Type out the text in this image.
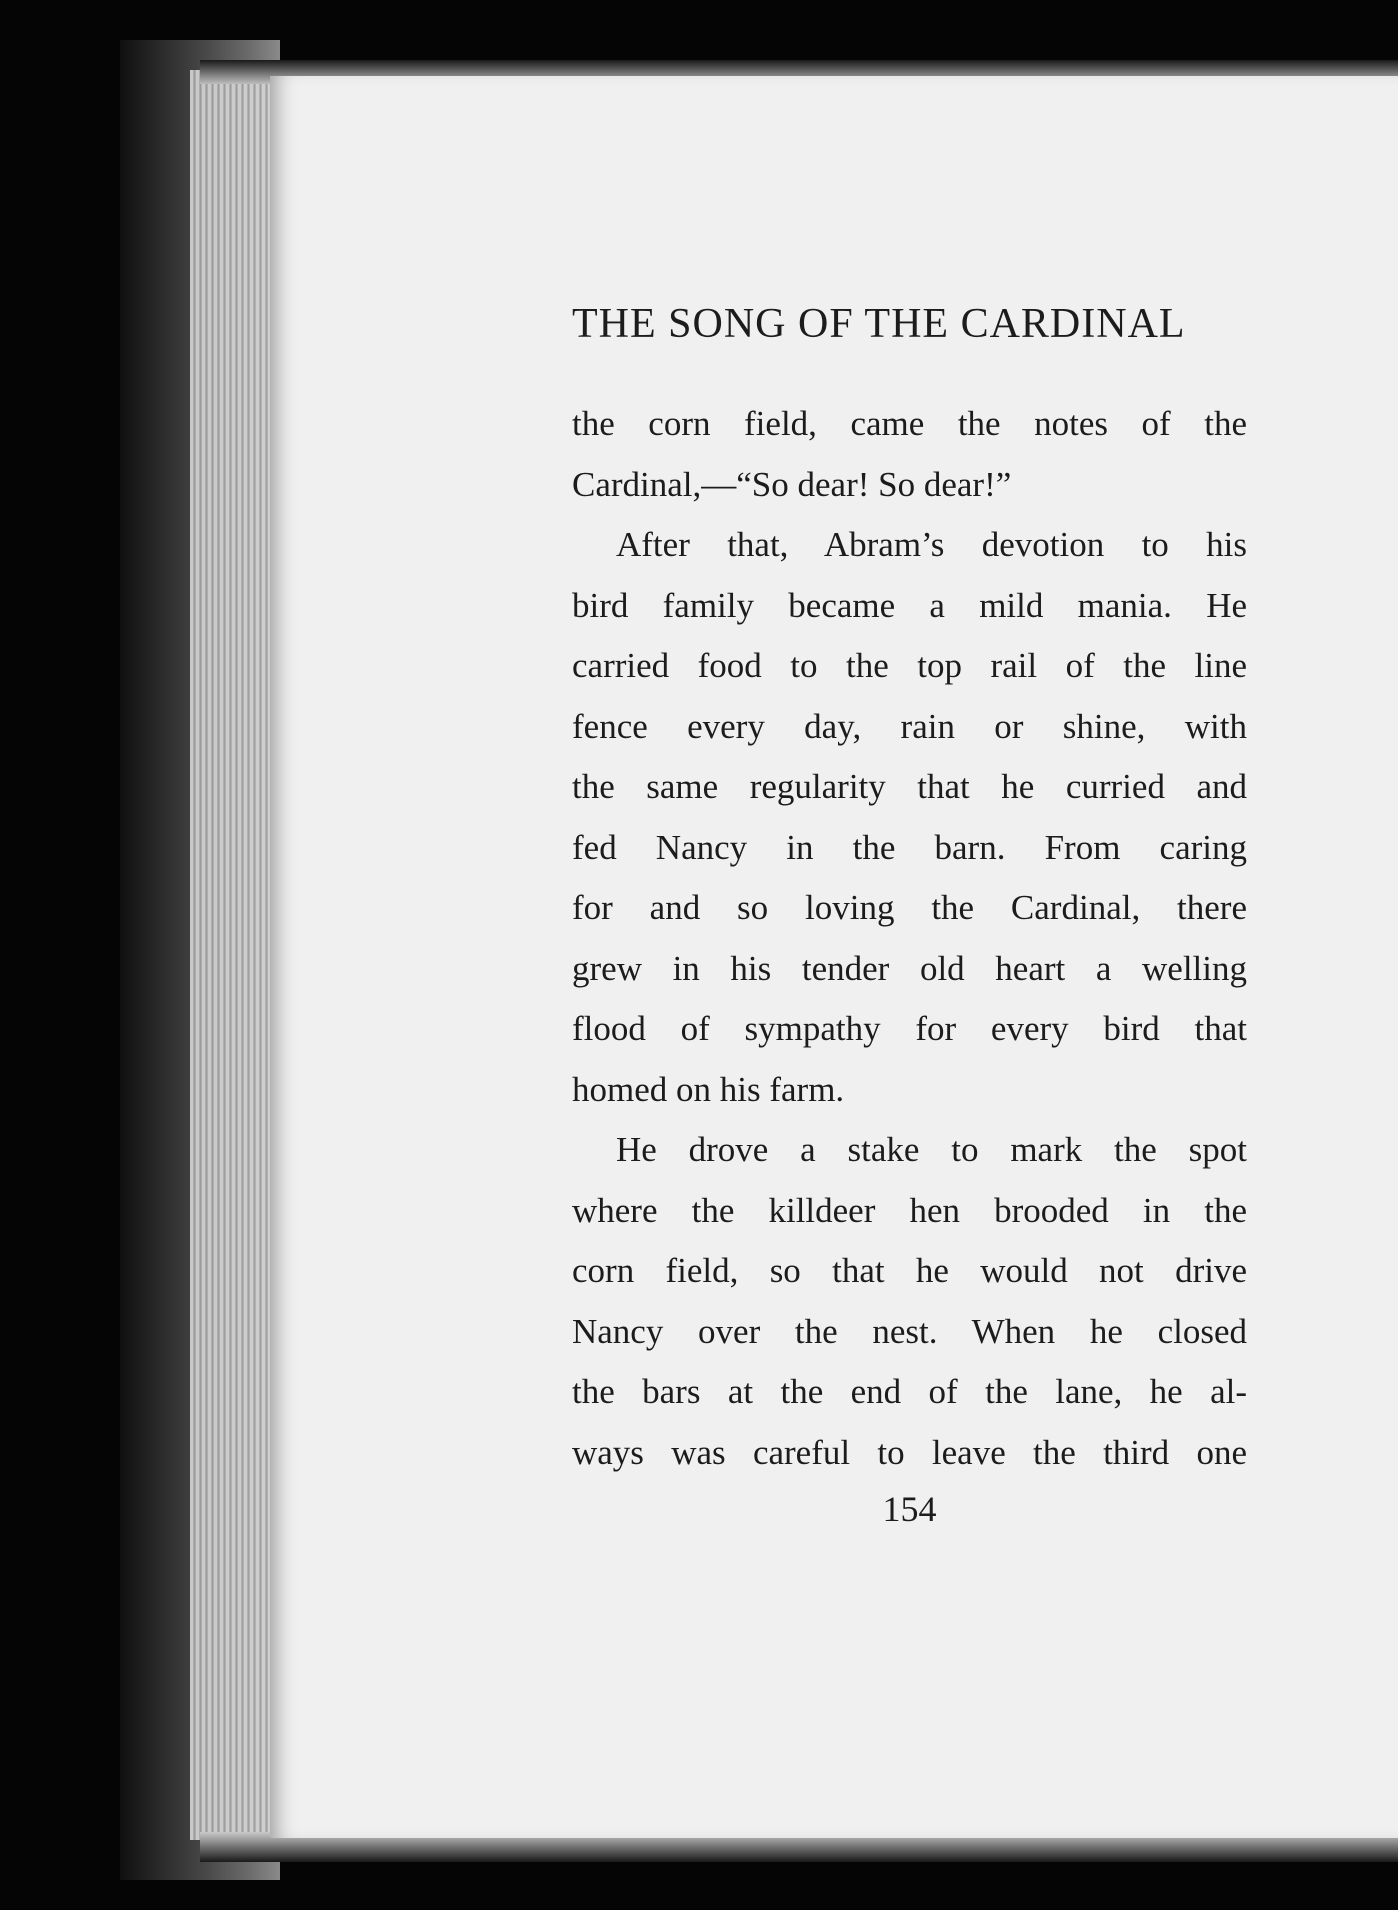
THE SONG OF THE CARDINAL
the corn field, came the notes of the
Cardinal,—“So dear! So dear!”
After that, Abram’s devotion to his
bird family became a mild mania. He
carried food to the top rail of the line
fence every day, rain or shine, with
the same regularity that he curried and
fed Nancy in the barn. From caring
for and so loving the Cardinal, there
grew in his tender old heart a welling
flood of sympathy for every bird that
homed on his farm.
He drove a stake to mark the spot
where the killdeer hen brooded in the
corn field, so that he would not drive
Nancy over the nest. When he closed
the bars at the end of the lane, he al-
ways was careful to leave the third one

154
